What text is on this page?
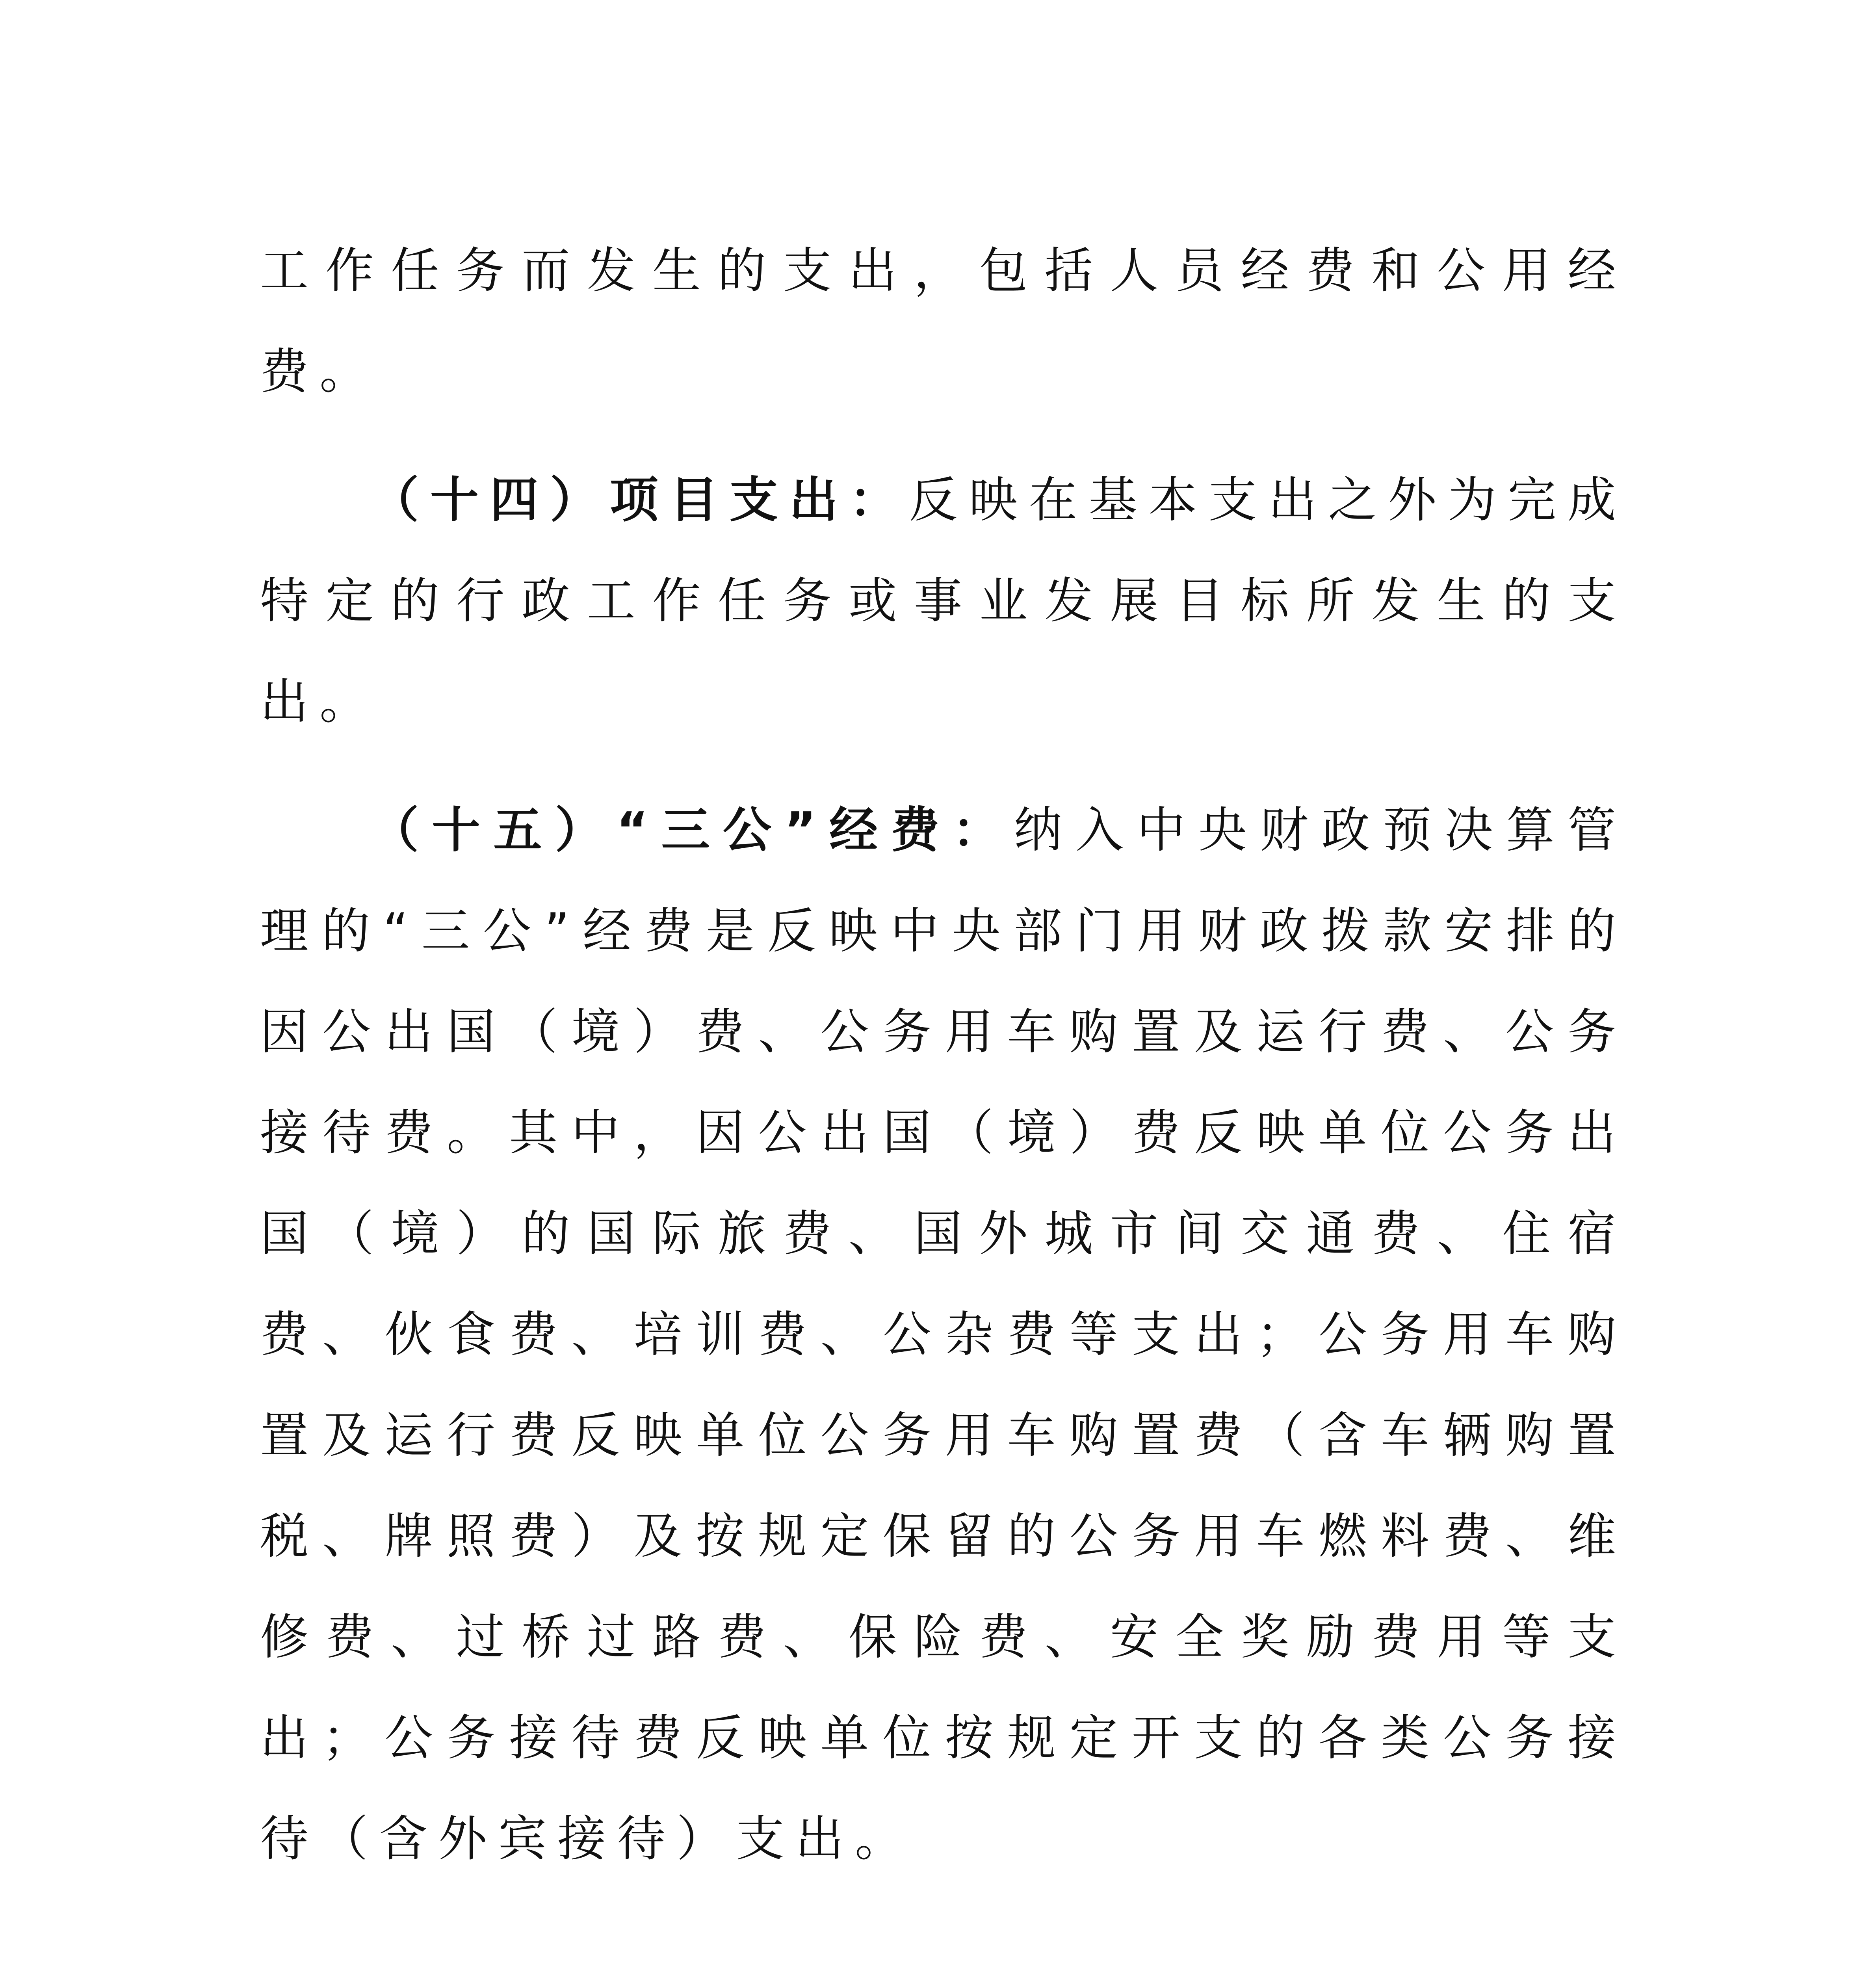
工作任务而发生的支出，包括人员经费和公用经费。

（十四）项目支出：反映在基本支出之外为完成特定的行政工作任务或事业发展目标所发生的支出。

（十五）“三公”经费：纳入中央财政预决算管理的“三公”经费是反映中央部门用财政拨款安排的因公出国（境）费、公务用车购置及运行费、公务接待费。其中，因公出国（境）费反映单位公务出国（境）的国际旅费、国外城市间交通费、住宿费、伙食费、培训费、公杂费等支出；公务用车购置及运行费反映单位公务用车购置费（含车辆购置税、牌照费）及按规定保留的公务用车燃料费、维修费、过桥过路费、保险费、安全奖励费用等支出；公务接待费反映单位按规定开支的各类公务接待（含外宾接待）支出。
